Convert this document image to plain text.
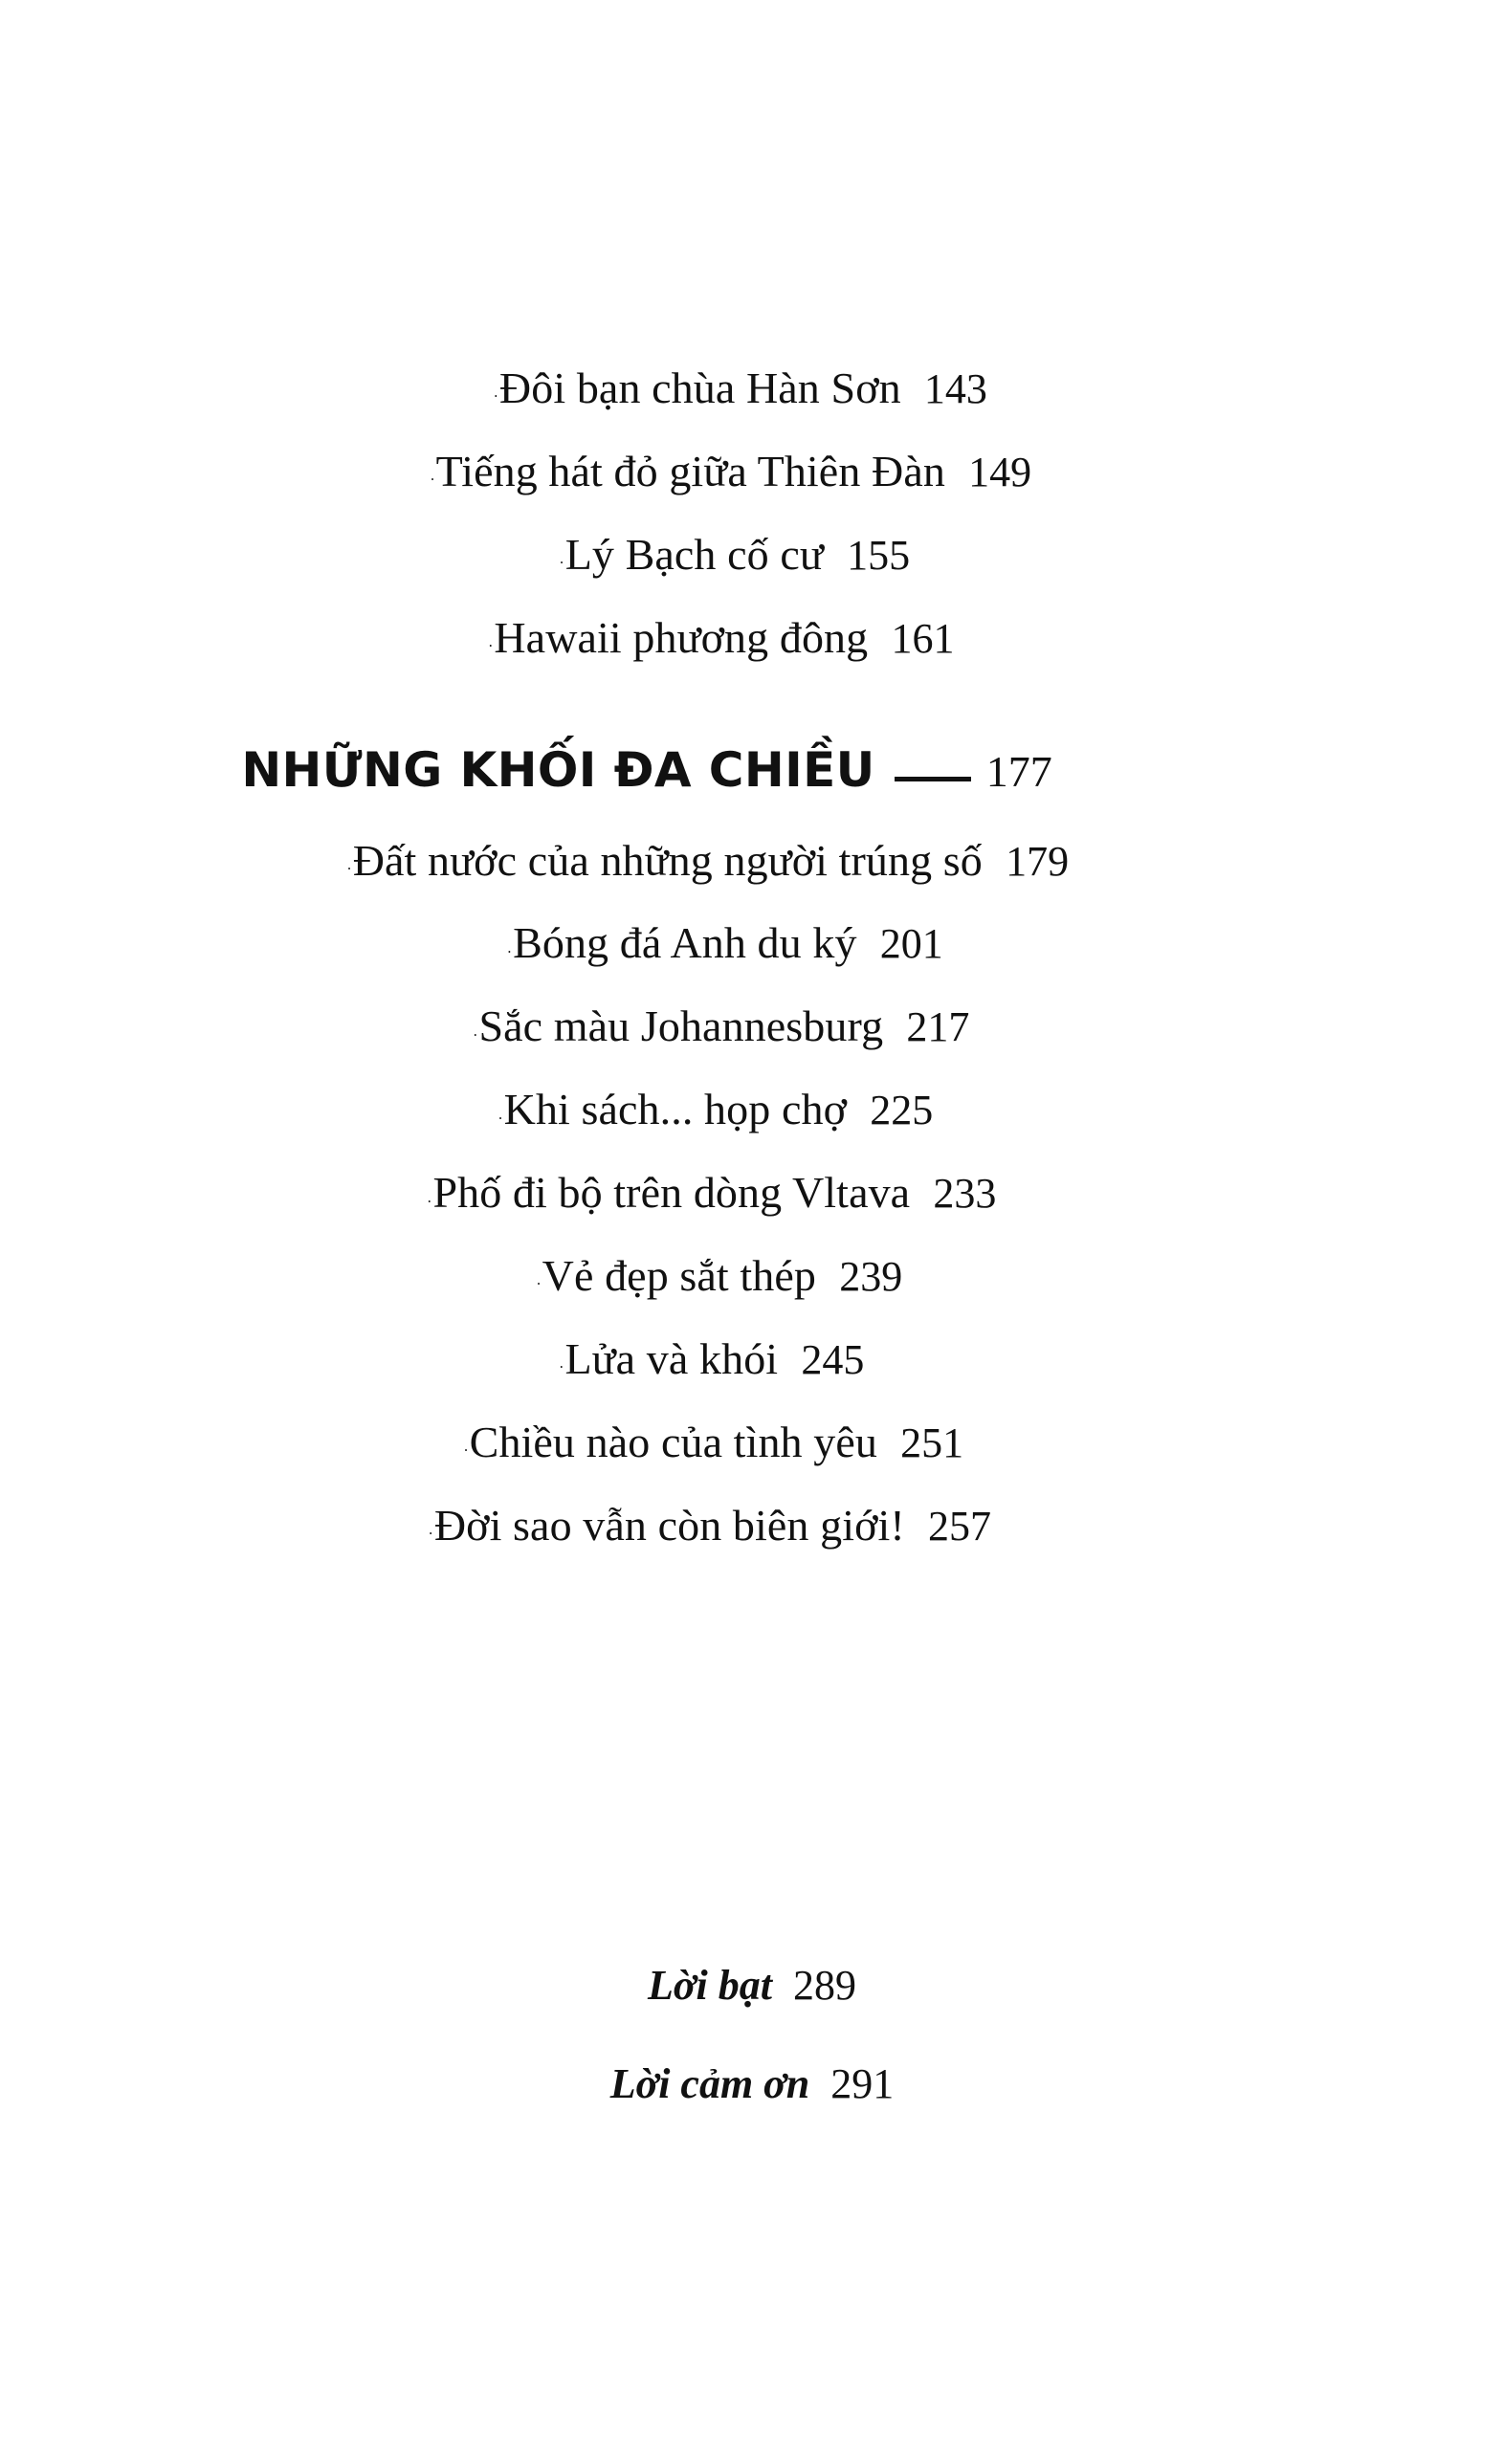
•Đôi bạn chùa Hàn Sơn 143
•Tiếng hát đỏ giữa Thiên Đàn 149
•Lý Bạch cố cư 155
•Hawaii phương đông 161
NHỮNG KHỐI ĐA CHIỀU	177
•Đất nước của những người trúng số 179
•Bóng đá Anh du ký 201
•Sắc màu Johannesburg 217
•Khi sách... họp chợ 225
•Phố đi bộ trên dòng Vltava 233
•Vẻ đẹp sắt thép 239
•Lửa và khói 245
•Chiều nào của tình yêu 251
•Đời sao vẫn còn biên giới! 257
Lời bạt 289
Lời cảm ơn 291
